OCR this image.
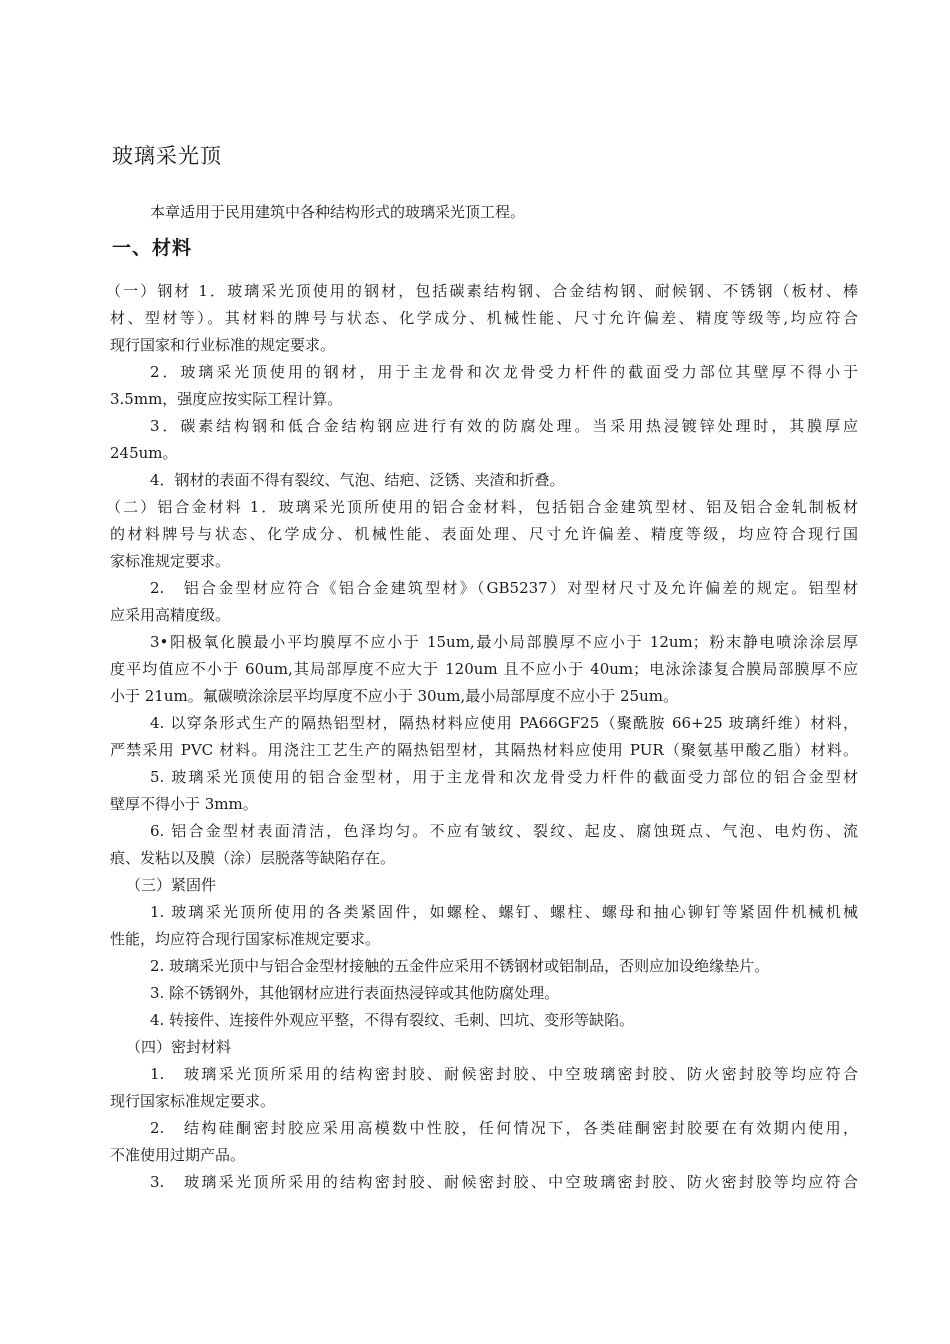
玻璃采光顶
本章适用于民用建筑中各种结构形式的玻璃采光顶工程。
一、材料
（一）钢材 1．玻璃采光顶使用的钢材，包括碳素结构钢、合金结构钢、耐候钢、不锈钢（板材、棒
材、型材等）。其材料的牌号与状态、化学成分、机械性能、尺寸允许偏差、精度等级等,均应符合
现行国家和行业标准的规定要求。
2．玻璃采光顶使用的钢材，用于主龙骨和次龙骨受力杆件的截面受力部位其壁厚不得小于
3.5mm，强度应按实际工程计算。
3．碳素结构钢和低合金结构钢应进行有效的防腐处理。当采用热浸镀锌处理时，其膜厚应
245um。
4．钢材的表面不得有裂纹、气泡、结疤、泛锈、夹渣和折叠。
（二）铝合金材料 1．玻璃采光顶所使用的铝合金材料，包括铝合金建筑型材、铝及铝合金轧制板材
的材料牌号与状态、化学成分、机械性能、表面处理、尺寸允许偏差、精度等级，均应符合现行国
家标准规定要求。
2.　铝合金型材应符合《铝合金建筑型材》（GB5237）对型材尺寸及允许偏差的规定。铝型材
应采用高精度级。
3•阳极氧化膜最小平均膜厚不应小于 15um,最小局部膜厚不应小于 12um；粉末静电喷涂涂层厚
度平均值应不小于 60um,其局部厚度不应大于 120um 且不应小于 40um；电泳涂漆复合膜局部膜厚不应
小于 21um。氟碳喷涂涂层平均厚度不应小于 30um,最小局部厚度不应小于 25um。
4. 以穿条形式生产的隔热铝型材，隔热材料应使用 PA66GF25（聚酰胺 66+25 玻璃纤维）材料，
严禁采用 PVC 材料。用浇注工艺生产的隔热铝型材，其隔热材料应使用 PUR（聚氨基甲酸乙脂）材料。
5. 玻璃采光顶使用的铝合金型材，用于主龙骨和次龙骨受力杆件的截面受力部位的铝合金型材
壁厚不得小于 3mm。
6. 铝合金型材表面清洁，色泽均匀。不应有皱纹、裂纹、起皮、腐蚀斑点、气泡、电灼伤、流
痕、发粘以及膜（涂）层脱落等缺陷存在。
（三）紧固件
1. 玻璃采光顶所使用的各类紧固件，如螺栓、螺钉、螺柱、螺母和抽心铆钉等紧固件机械机械
性能，均应符合现行国家标准规定要求。
2. 玻璃采光顶中与铝合金型材接触的五金件应采用不锈钢材或铝制品，否则应加设绝缘垫片。
3. 除不锈钢外，其他钢材应进行表面热浸锌或其他防腐处理。
4. 转接件、连接件外观应平整，不得有裂纹、毛刺、凹坑、变形等缺陷。
（四）密封材料
1.　玻璃采光顶所采用的结构密封胶、耐候密封胶、中空玻璃密封胶、防火密封胶等均应符合
现行国家标准规定要求。
2.　结构硅酮密封胶应采用高模数中性胶，任何情况下，各类硅酮密封胶要在有效期内使用，
不准使用过期产品。
3.　玻璃采光顶所采用的结构密封胶、耐候密封胶、中空玻璃密封胶、防火密封胶等均应符合
